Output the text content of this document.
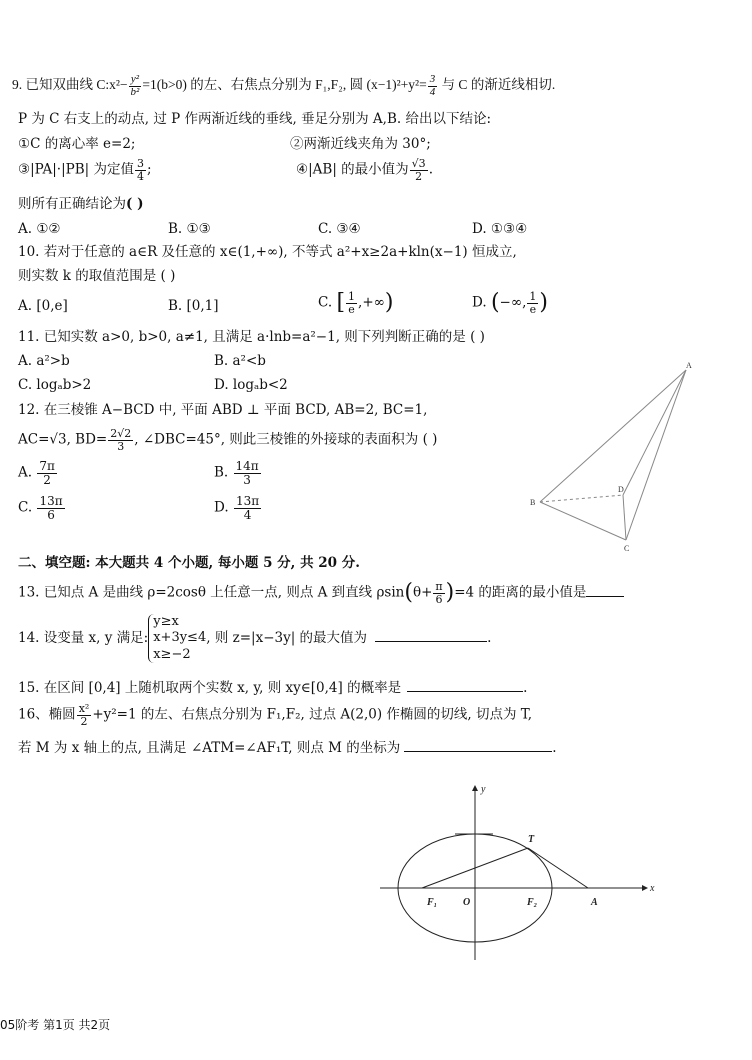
9. 已知双曲线 C:x²− $\frac{\text{y²}}{\text{b²}} =1(b>0)$ 的左、右焦点分别为 F₁,F₂, 圆 $(x-1)^2+y^2= \frac{3}{4}$ 与 C 的渐近线相切.
P 为 C 右支上的动点, 过 P 作两渐近线的垂线, 垂足分别为 A,B. 给出以下结论:
①C 的离心率 e=2;	②两渐近线夹角为 30°;
③|PA|·|PB| 为定值 $\frac{3}{4}$ ;	④|AB| 的最小值为 $\frac{√3}{2}$ .
则所有正确结论为( )
A. ①②	B. ①③	C. ③④	D. ①③④
10. 若对于任意的 a∈R 及任意的 x∈(1,+∞), 不等式 a²+x≥2a+kln(x−1) 恒成立,
则实数 k 的取值范围是 ( )
A. [0,e]	B. [0,1]	C. [ $\frac{1}{e}$ ,+∞)	D. (−∞, $\frac{1}{e}$ )
11. 已知实数 a>0, b>0, a≠1, 且满足 a·lnb=a²−1, 则下列判断正确的是 ( )
A. a²>b	B. a²<b
C. logₐb>2	D. logₐb<2
12. 在三棱锥 A−BCD 中, 平面 ABD ⊥ 平面 BCD, AB=2, BC=1,
AC=√3, $BD= \frac{2√2}{3}$ , ∠DBC=45°, 则此三棱锥的外接球的表面积为 ( )
A. $\frac{7\pi}{2}$	B. $\frac{14\pi}{3}$
C. $\frac{13\pi}{6}$	D. $\frac{13\pi}{4}$
A
B
C
D
二、填空题: 本大题共 4 个小题, 每小题 5 分, 共 20 分.
13. 已知点 A 是曲线 ρ=2cosθ 上任意一点, 则点 A 到直线 $\rho\sin(\theta+ \frac{\pi}{6} )=4$ 的距离的最小值是
14. 设变量 x, y 满足:
y≥x
x+3y≤4
x≥−2
, 则 z=|x−3y| 的最大值为	.
15. 在区间 [0,4] 上随机取两个实数 x, y, 则 xy∈[0,4] 的概率是	.
16、椭圆 $\frac{\text{x²}}{2} +y^2=1$ 的左、右焦点分别为 F₁,F₂, 过点 A(2,0) 作椭圆的切线, 切点为 T,
若 M 为 x 轴上的点, 且满足 ∠ATM=∠AF₁T, 则点 M 的坐标为	.
y
x
T
F₁	O	F₂	A
05阶考 第1页 共2页
